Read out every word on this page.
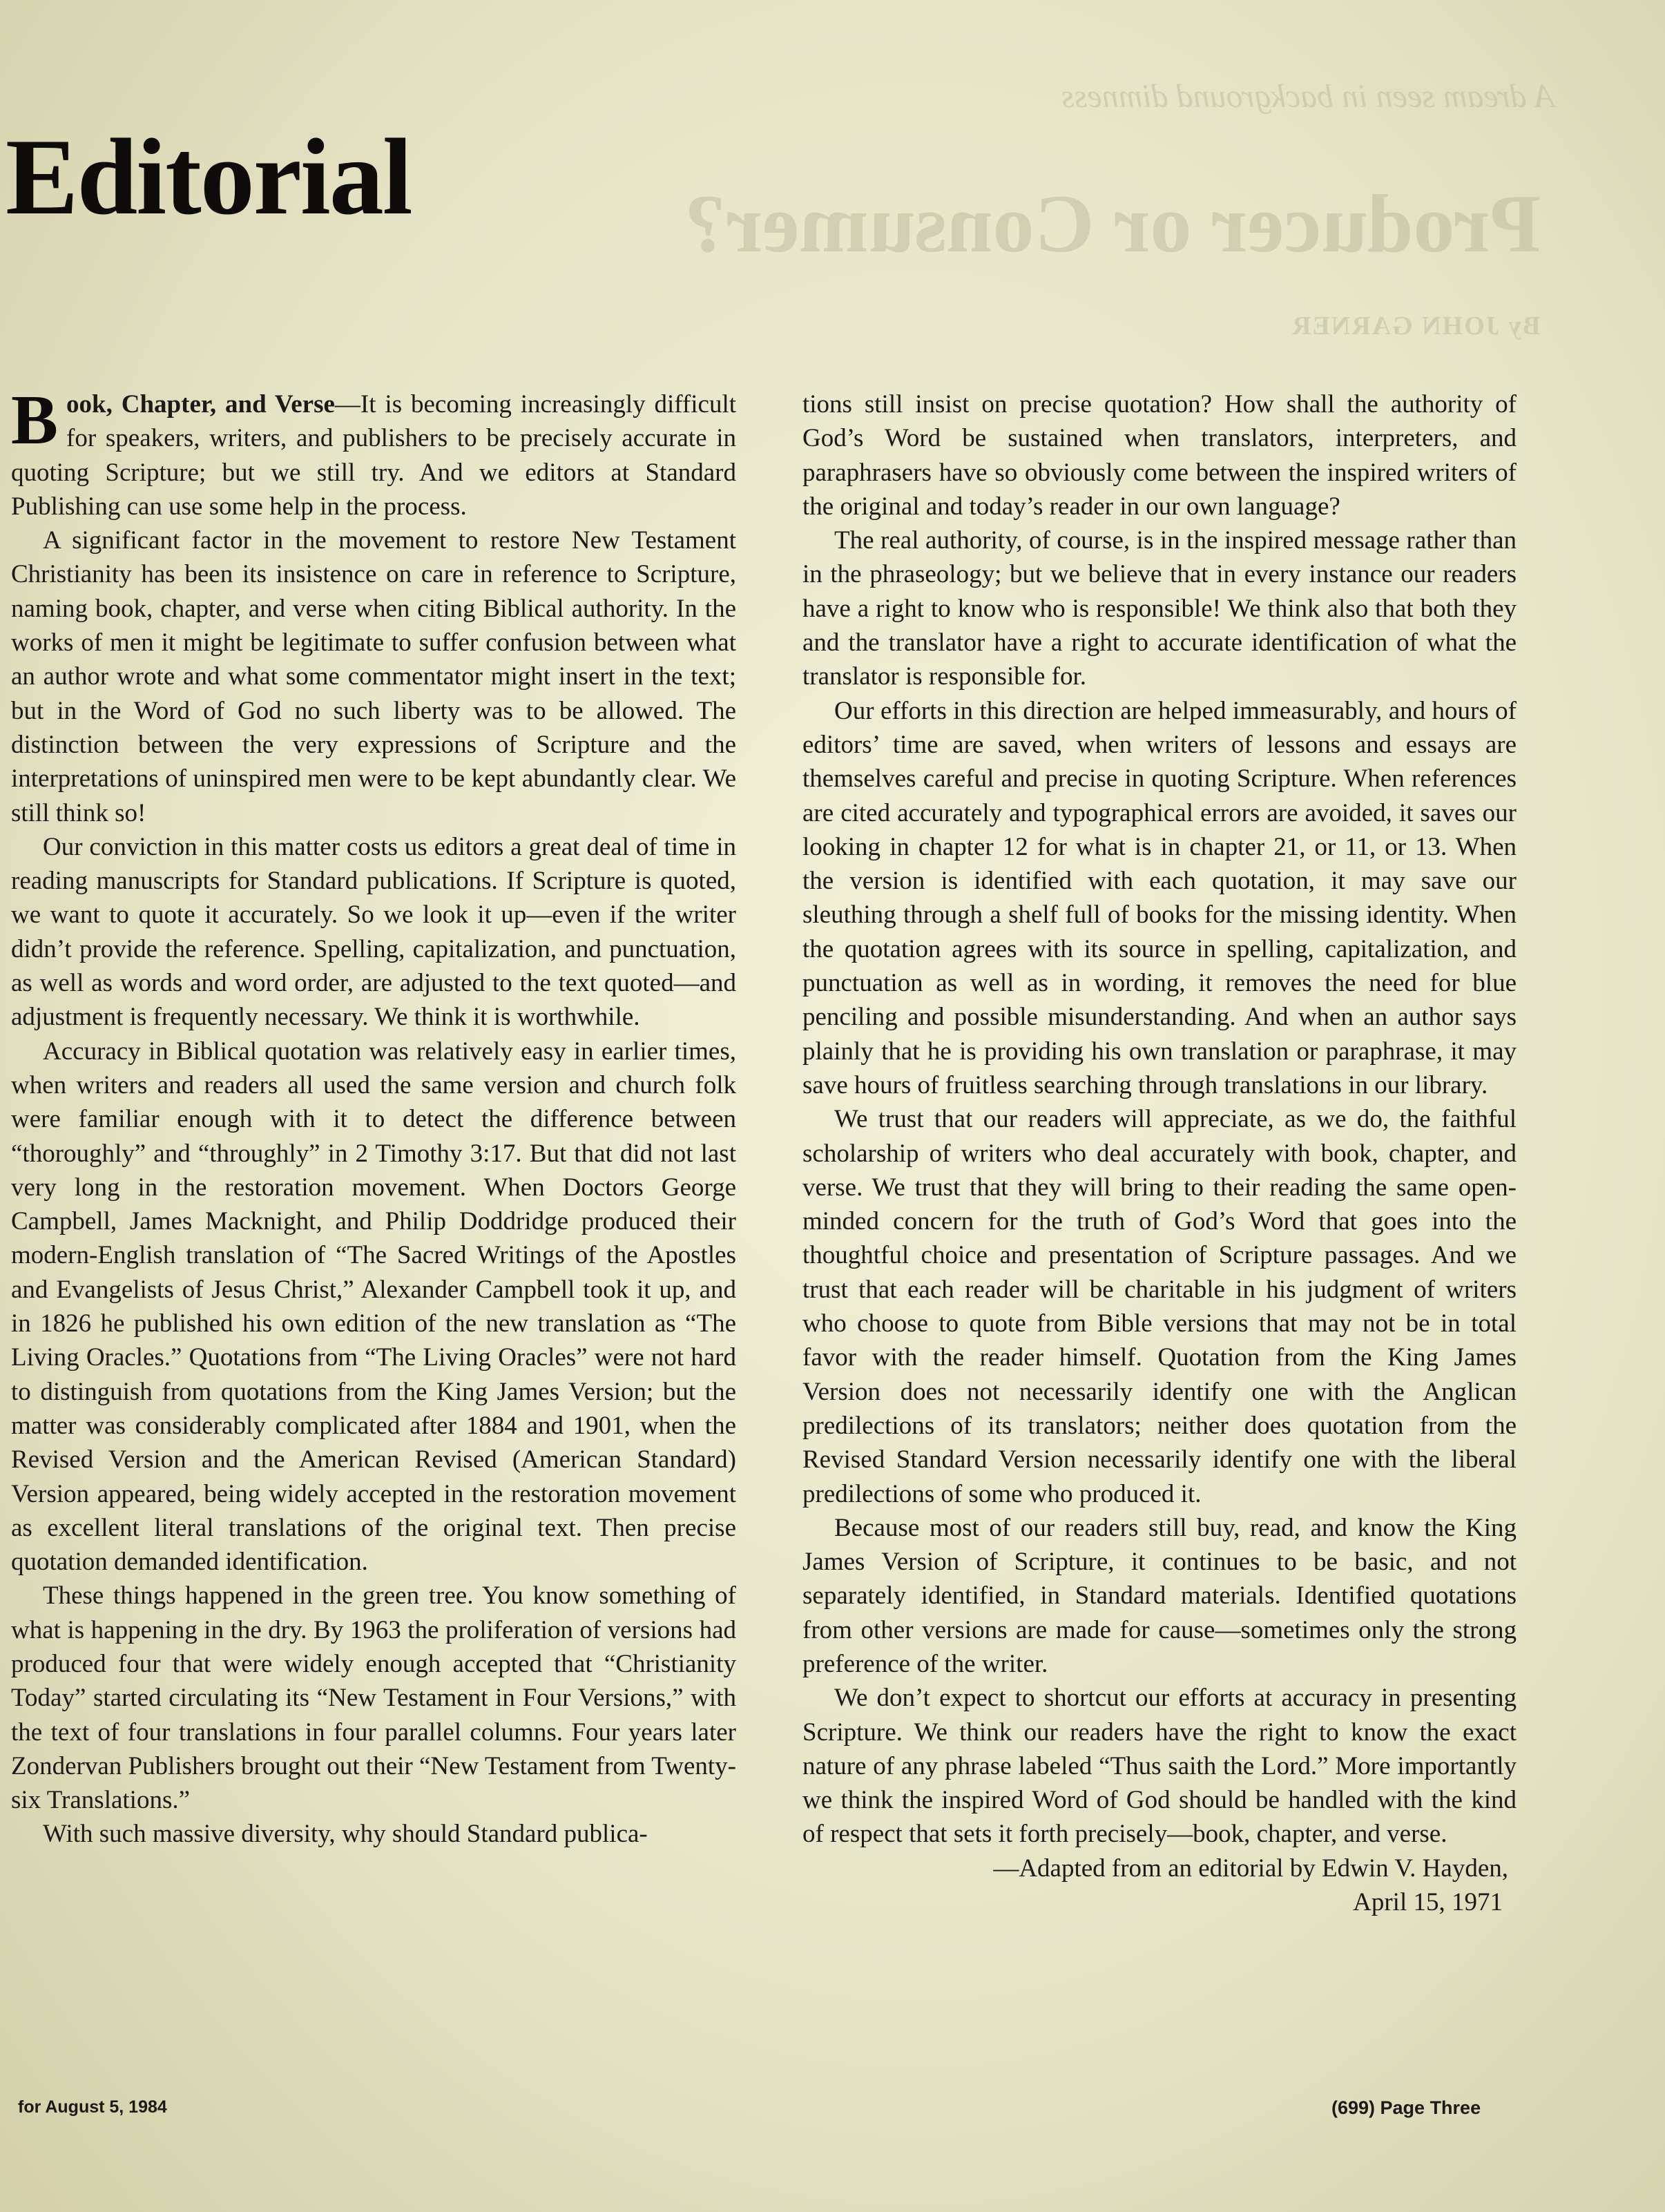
A dream seen in background dimness
Producer or Consumer?
By JOHN GARNER
Editorial

Book, Chapter, and Verse—It is becoming increasingly difficult for speakers, writers, and publishers to be precisely accurate in quoting Scripture; but we still try. And we editors at Standard Publishing can use some help in the process.

A significant factor in the movement to restore New Testament Christianity has been its insistence on care in reference to Scripture, naming book, chapter, and verse when citing Biblical authority. In the works of men it might be legitimate to suffer confusion between what an author wrote and what some commentator might insert in the text; but in the Word of God no such liberty was to be allowed. The distinction between the very expressions of Scripture and the interpretations of uninspired men were to be kept abundantly clear. We still think so!

Our conviction in this matter costs us editors a great deal of time in reading manuscripts for Standard publications. If Scripture is quoted, we want to quote it accurately. So we look it up—even if the writer didn’t provide the reference. Spelling, capitalization, and punctuation, as well as words and word order, are adjusted to the text quoted—and adjustment is frequently necessary. We think it is worthwhile.

Accuracy in Biblical quotation was relatively easy in earlier times, when writers and readers all used the same version and church folk were familiar enough with it to detect the difference between “thoroughly” and “throughly” in 2 Timothy 3:17. But that did not last very long in the restoration movement. When Doctors George Campbell, James Macknight, and Philip Doddridge produced their modern-English translation of “The Sacred Writings of the Apostles and Evangelists of Jesus Christ,” Alexander Campbell took it up, and in 1826 he published his own edition of the new translation as “The Living Oracles.” Quotations from “The Living Oracles” were not hard to distinguish from quotations from the King James Version; but the matter was considerably complicated after 1884 and 1901, when the Revised Version and the American Revised (American Standard) Version appeared, being widely accepted in the restoration movement as excellent literal translations of the original text. Then precise quotation demanded identification.

These things happened in the green tree. You know something of what is happening in the dry. By 1963 the proliferation of versions had produced four that were widely enough accepted that “Christianity Today” started circulating its “New Testament in Four Versions,” with the text of four translations in four parallel columns. Four years later Zondervan Publishers brought out their “New Testament from Twenty-six Translations.”

With such massive diversity, why should Standard publica-

tions still insist on precise quotation? How shall the authority of God’s Word be sustained when translators, interpreters, and paraphrasers have so obviously come between the inspired writers of the original and today’s reader in our own language?

The real authority, of course, is in the inspired message rather than in the phraseology; but we believe that in every instance our readers have a right to know who is responsible! We think also that both they and the translator have a right to accurate identification of what the translator is responsible for.

Our efforts in this direction are helped immeasurably, and hours of editors’ time are saved, when writers of lessons and essays are themselves careful and precise in quoting Scripture. When references are cited accurately and typographical errors are avoided, it saves our looking in chapter 12 for what is in chapter 21, or 11, or 13. When the version is identified with each quotation, it may save our sleuthing through a shelf full of books for the missing identity. When the quotation agrees with its source in spelling, capitalization, and punctuation as well as in wording, it removes the need for blue penciling and possible misunderstanding. And when an author says plainly that he is providing his own translation or paraphrase, it may save hours of fruitless searching through translations in our library.

We trust that our readers will appreciate, as we do, the faithful scholarship of writers who deal accurately with book, chapter, and verse. We trust that they will bring to their reading the same open-minded concern for the truth of God’s Word that goes into the thoughtful choice and presentation of Scripture passages. And we trust that each reader will be charitable in his judgment of writers who choose to quote from Bible versions that may not be in total favor with the reader himself. Quotation from the King James Version does not necessarily identify one with the Anglican predilections of its translators; neither does quotation from the Revised Standard Version necessarily identify one with the liberal predilections of some who produced it.

Because most of our readers still buy, read, and know the King James Version of Scripture, it continues to be basic, and not separately identified, in Standard materials. Identified quotations from other versions are made for cause—sometimes only the strong preference of the writer.

We don’t expect to shortcut our efforts at accuracy in presenting Scripture. We think our readers have the right to know the exact nature of any phrase labeled “Thus saith the Lord.” More importantly we think the inspired Word of God should be handled with the kind of respect that sets it forth precisely—book, chapter, and verse.

—Adapted from an editorial by Edwin V. Hayden,

April 15, 1971

for August 5, 1984	(699) Page Three
